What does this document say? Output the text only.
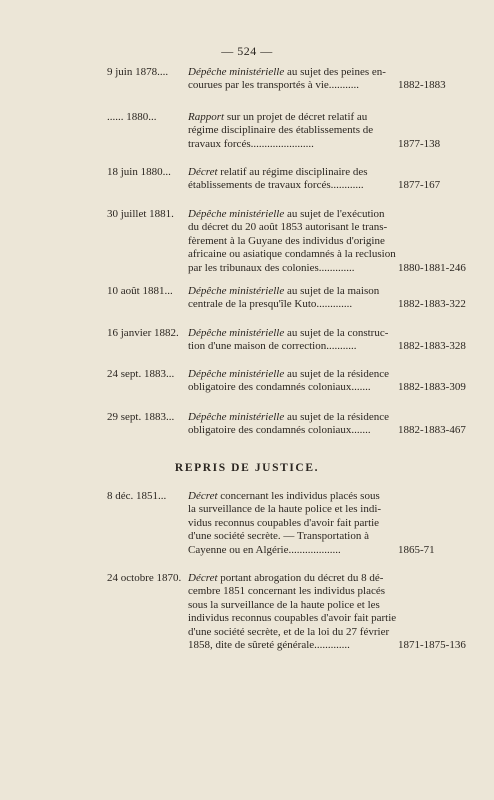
— 524 —
9 juin 1878.... Dépêche ministérielle au sujet des peines en-
courues par les transportés à vie...........	1882-1883
...... 1880...	Rapport sur un projet de décret relatif au
régime disciplinaire des établissements de
travaux forcés.......................	1877-138
18 juin 1880... Décret relatif au régime disciplinaire des
établissements de travaux forcés............	1877-167
30 juillet 1881. Dépêche ministérielle au sujet de l'exécution
du décret du 20 août 1853 autorisant le trans-
fèrement à la Guyane des individus d'origine
africaine ou asiatique condamnés à la reclusion
par les tribunaux des colonies.............	1880-1881-246
10 août 1881... Dépêche ministérielle au sujet de la maison
centrale de la presqu'île Kuto.............	1882-1883-322
16 janvier 1882. Dépêche ministérielle au sujet de la construc-
tion d'une maison de correction...........	1882-1883-328
24 sept. 1883... Dépêche ministérielle au sujet de la résidence
obligatoire des condamnés coloniaux.......	1882-1883-309
29 sept. 1883... Dépêche ministérielle au sujet de la résidence
obligatoire des condamnés coloniaux.......	1882-1883-467
REPRIS DE JUSTICE.
8 déc. 1851... Décret concernant les individus placés sous
la surveillance de la haute police et les indi-
vidus reconnus coupables d'avoir fait partie
d'une société secrète. — Transportation à
Cayenne ou en Algérie...................	1865-71
24 octobre 1870. Décret portant abrogation du décret du 8 dé-
cembre 1851 concernant les individus placés
sous la surveillance de la haute police et les
individus reconnus coupables d'avoir fait partie
d'une société secrète, et de la loi du 27 février
1858, dite de sûreté générale.............	1871-1875-136
